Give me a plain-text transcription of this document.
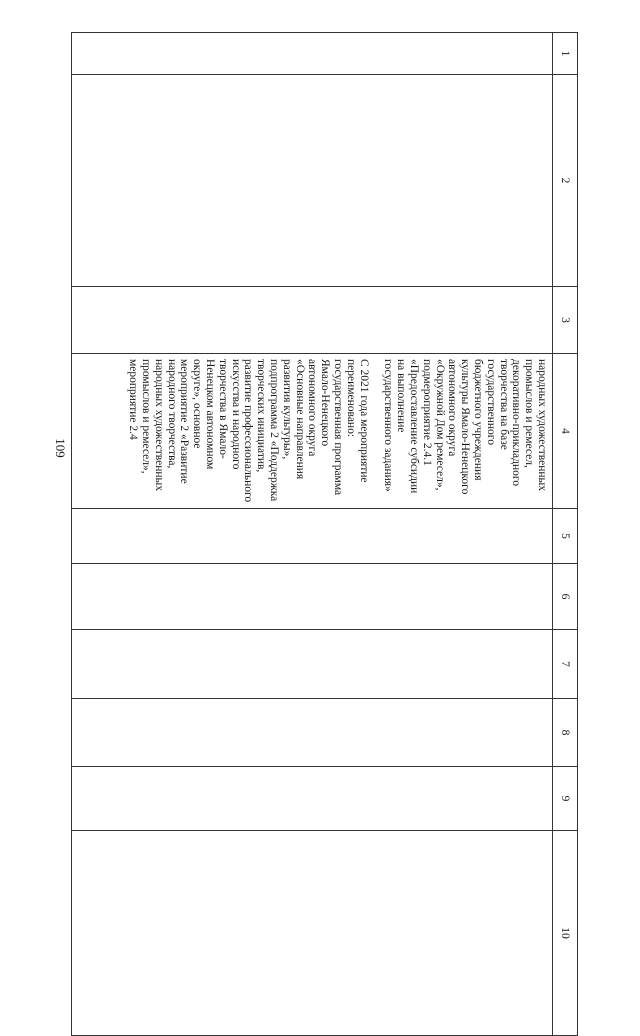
109
1	2	3	4	5	6	7	8	9	10

			народных художественных промыслов и ремесел, декоративно-прикладного творчества на базе государственного бюджетного учреждения культуры Ямало-Ненецкого автономного округа «Окружной Дом ремесел», подмероприятие 2.4.1 «Предоставление субсидии на выполнение государственного задания»

С 2021 года мероприятие переименовано: государственная программа Ямало-Ненецкого автономного округа «Основные направления развития культуры», подпрограмма 2 «Поддержка творческих инициатив, развитие профессионального искусства и народного творчества в Ямало-Ненецком автономном округе», основное мероприятие 2 «Развитие народного творчества, народных художественных промыслов и ремесел», мероприятие 2.4						
